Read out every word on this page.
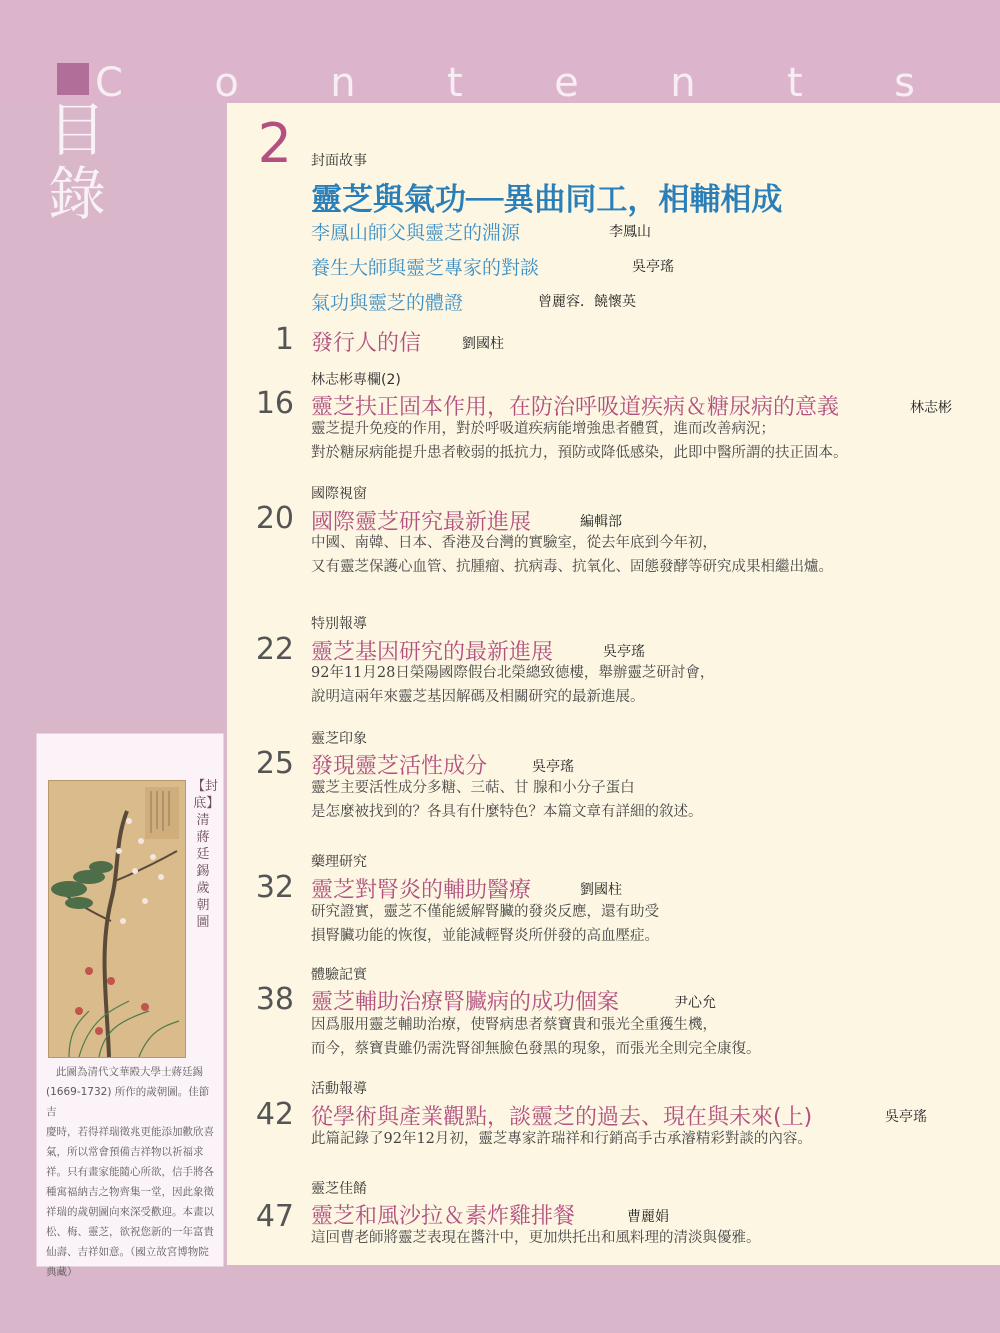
C o n t e n t s
目
錄
2 封面故事
靈芝與氣功──異曲同工，相輔相成
李鳳山師父與靈芝的淵源	李鳳山
養生大師與靈芝專家的對談	吳亭瑤
氣功與靈芝的體證	曾麗容．饒懷英
1 發行人的信	劉國柱
林志彬專欄(2)
16 靈芝扶正固本作用，在防治呼吸道疾病＆糖尿病的意義	林志彬
靈芝提升免疫的作用，對於呼吸道疾病能增強患者體質，進而改善病況；
對於糖尿病能提升患者較弱的抵抗力，預防或降低感染，此即中醫所謂的扶正固本。
國際視窗
20 國際靈芝研究最新進展	編輯部
中國、南韓、日本、香港及台灣的實驗室，從去年底到今年初，
又有靈芝保護心血管、抗腫瘤、抗病毒、抗氧化、固態發酵等研究成果相繼出爐。
特別報導
22 靈芝基因研究的最新進展	吳亭瑤
92年11月28日榮陽國際假台北榮總致德樓，舉辦靈芝研討會，
說明這兩年來靈芝基因解碼及相關研究的最新進展。
靈芝印象
25 發現靈芝活性成分	吳亭瑤
靈芝主要活性成分多糖、三萜、甘 腺和小分子蛋白
是怎麼被找到的？各具有什麼特色？本篇文章有詳細的敘述。
藥理研究
32 靈芝對腎炎的輔助醫療	劉國柱
研究證實，靈芝不僅能緩解腎臟的發炎反應，還有助受
損腎臟功能的恢復，並能減輕腎炎所併發的高血壓症。
體驗記實
38 靈芝輔助治療腎臟病的成功個案	尹心允
因爲服用靈芝輔助治療，使腎病患者蔡寶貴和張光全重獲生機，
而今，蔡寶貴雖仍需洗腎卻無臉色發黑的現象，而張光全則完全康復。
活動報導
42 從學術與產業觀點，談靈芝的過去、現在與未來(上)	吳亭瑤
此篇記錄了92年12月初，靈芝專家許瑞祥和行銷高手古承濬精彩對談的內容。
靈芝佳餚
47 靈芝和風沙拉＆素炸雞排餐	曹麗娟
這回曹老師將靈芝表現在醬汁中，更加烘托出和風料理的清淡與優雅。
【封底】清 蔣廷錫 歲朝圖
此圖為清代文華殿大學士蔣廷錫
(1669-1732) 所作的歲朝圖。佳節吉
慶時，若得祥瑞徵兆更能添加歡欣喜
氣，所以常會預備吉祥物以祈福求
祥。只有畫家能隨心所欲，信手將各
種寓福納吉之物齊集一堂，因此象徵
祥瑞的歲朝圖向來深受歡迎。本畫以
松、梅、靈芝，欲祝您新的一年富貴
仙壽、吉祥如意。（國立故宮博物院
典藏）
